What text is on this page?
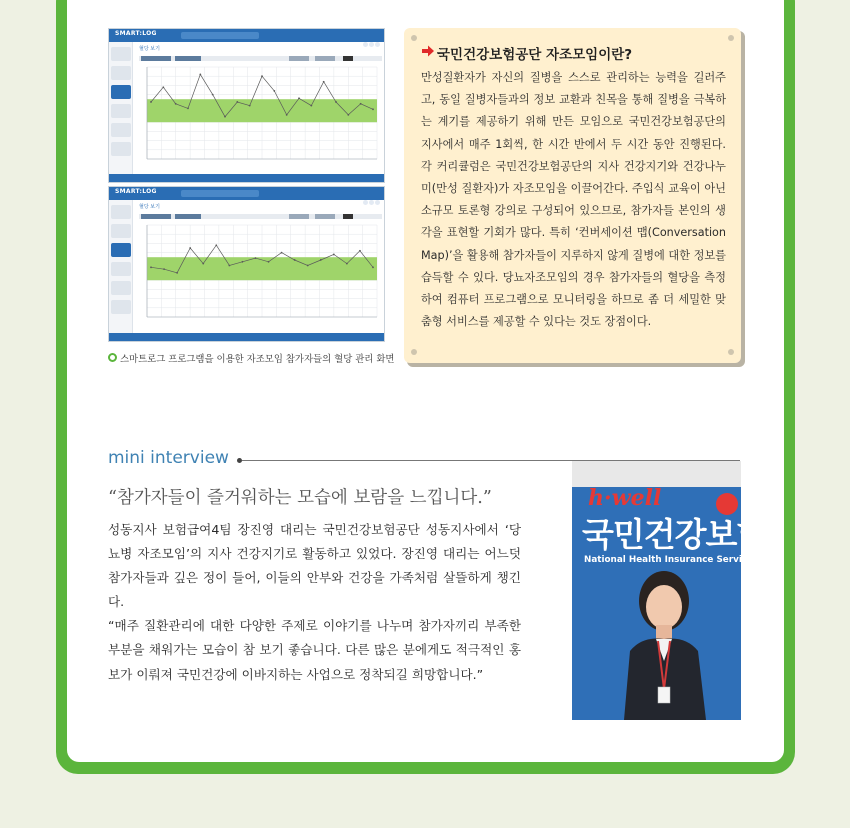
SMART:LOG
혈당 보기
SMART:LOG
혈당 보기
스마트로그 프로그램을 이용한 자조모임 참가자들의 혈당 관리 화면
국민건강보험공단 자조모임이란?
만성질환자가 자신의 질병을 스스로 관리하는 능력을 길러주고, 동일 질병자들과의 정보 교환과 친목을 통해 질병을 극복하는 계기를 제공하기 위해 만든 모임으로 국민건강보험공단의 지사에서 매주 1회씩, 한 시간 반에서 두 시간 동안 진행된다. 각 커리큘럼은 국민건강보험공단의 지사 건강지기와 건강나누미(만성 질환자)가 자조모임을 이끌어간다. 주입식 교육이 아닌 소규모 토론형 강의로 구성되어 있으므로, 참가자들 본인의 생각을 표현할 기회가 많다. 특히 ‘컨버세이션 맵(Conversation Map)’을 활용해 참가자들이 지루하지 않게 질병에 대한 정보를 습득할 수 있다. 당뇨자조모임의 경우 참가자들의 혈당을 측정하여 컴퓨터 프로그램으로 모니터링을 하므로 좀 더 세밀한 맞춤형 서비스를 제공할 수 있다는 것도 장점이다.
mini interview
“참가자들이 즐거워하는 모습에 보람을 느낍니다.”

성동지사 보험급여4팀 장진영 대리는 국민건강보험공단 성동지사에서 ‘당뇨병 자조모임’의 지사 건강지기로 활동하고 있었다. 장진영 대리는 어느덧 참가자들과 깊은 정이 들어, 이들의 안부와 건강을 가족처럼 살뜰하게 챙긴다.

“매주 질환관리에 대한 다양한 주제로 이야기를 나누며 참가자끼리 부족한 부분을 채워가는 모습이 참 보기 좋습니다. 다른 많은 분에게도 적극적인 홍보가 이뤄져 국민건강에 이바지하는 사업으로 정착되길 희망합니다.”

h·well
국민건강보험
National Health Insurance Service
